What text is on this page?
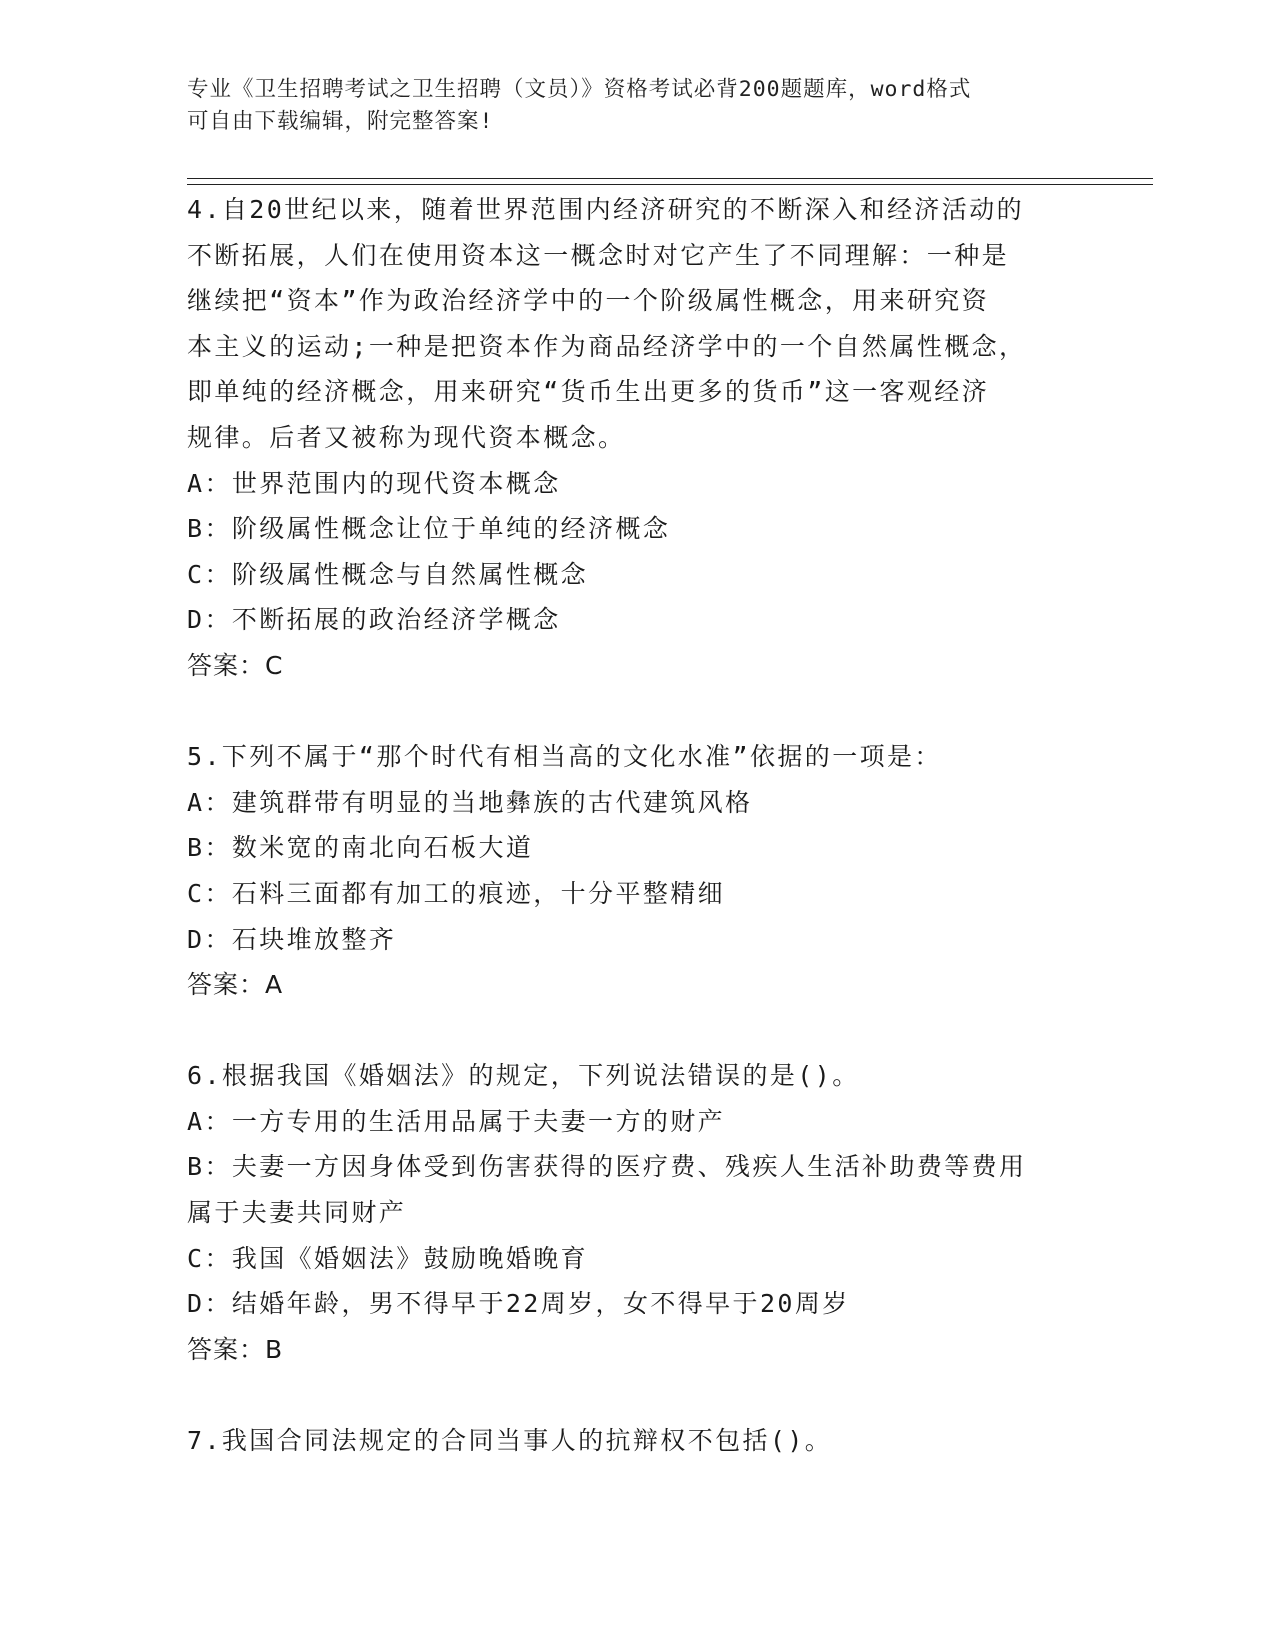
专业《卫生招聘考试之卫生招聘（文员）》资格考试必背200题题库，word格式
可自由下载编辑，附完整答案!
4.自20世纪以来，随着世界范围内经济研究的不断深入和经济活动的
不断拓展，人们在使用资本这一概念时对它产生了不同理解：一种是
继续把“资本”作为政治经济学中的一个阶级属性概念，用来研究资
本主义的运动;一种是把资本作为商品经济学中的一个自然属性概念，
即单纯的经济概念，用来研究“货币生出更多的货币”这一客观经济
规律。后者又被称为现代资本概念。
A：世界范围内的现代资本概念
B：阶级属性概念让位于单纯的经济概念
C：阶级属性概念与自然属性概念
D：不断拓展的政治经济学概念
答案：C
5.下列不属于“那个时代有相当高的文化水准”依据的一项是：
A：建筑群带有明显的当地彝族的古代建筑风格
B：数米宽的南北向石板大道
C：石料三面都有加工的痕迹，十分平整精细
D：石块堆放整齐
答案：A
6.根据我国《婚姻法》的规定，下列说法错误的是()。
A：一方专用的生活用品属于夫妻一方的财产
B：夫妻一方因身体受到伤害获得的医疗费、残疾人生活补助费等费用
属于夫妻共同财产
C：我国《婚姻法》鼓励晚婚晚育
D：结婚年龄，男不得早于22周岁，女不得早于20周岁
答案：B
7.我国合同法规定的合同当事人的抗辩权不包括()。
